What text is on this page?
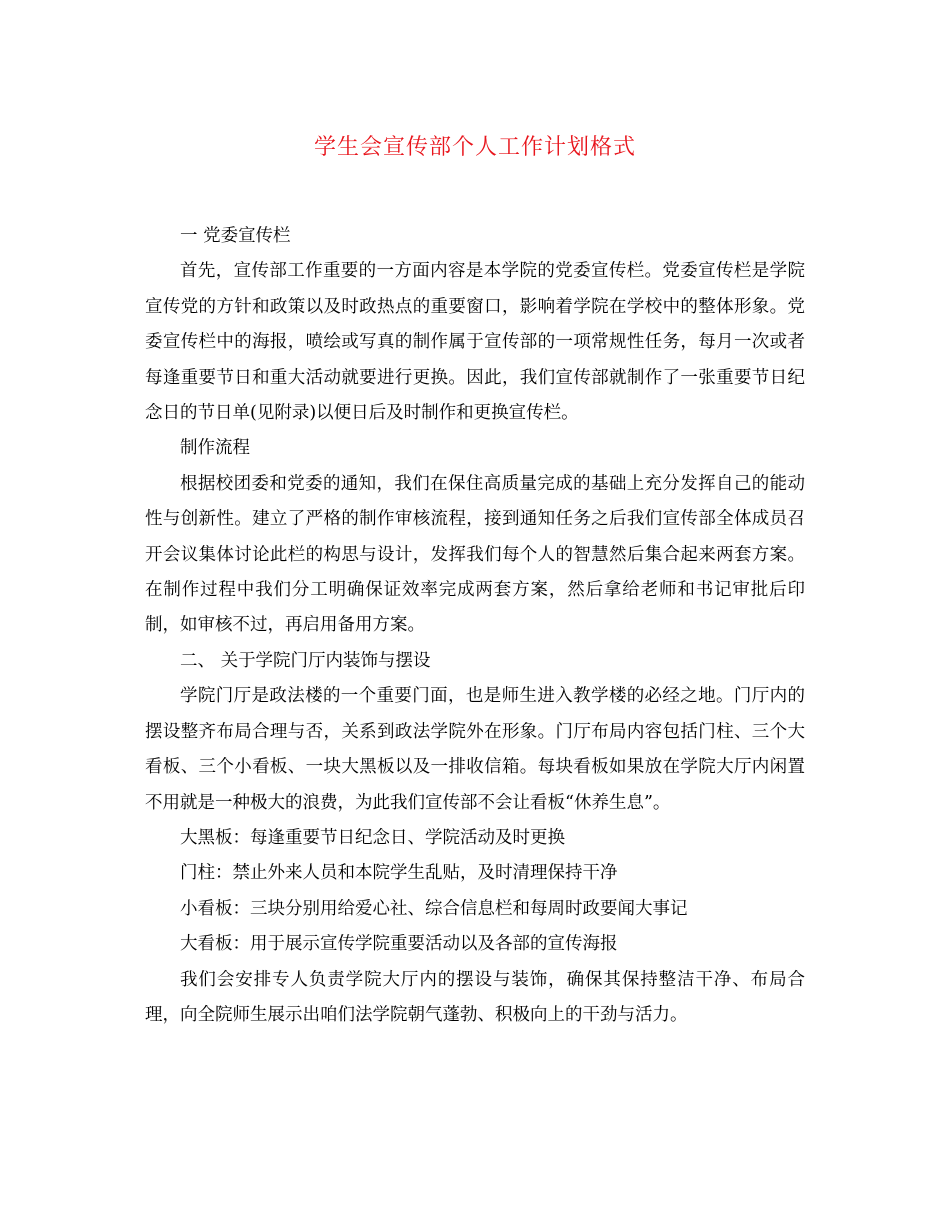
学生会宣传部个人工作计划格式

一 党委宣传栏

首先，宣传部工作重要的一方面内容是本学院的党委宣传栏。党委宣传栏是学院宣传党的方针和政策以及时政热点的重要窗口，影响着学院在学校中的整体形象。党委宣传栏中的海报，喷绘或写真的制作属于宣传部的一项常规性任务，每月一次或者每逢重要节日和重大活动就要进行更换。因此，我们宣传部就制作了一张重要节日纪念日的节日单(见附录)以便日后及时制作和更换宣传栏。

制作流程

根据校团委和党委的通知，我们在保住高质量完成的基础上充分发挥自己的能动性与创新性。建立了严格的制作审核流程，接到通知任务之后我们宣传部全体成员召开会议集体讨论此栏的构思与设计，发挥我们每个人的智慧然后集合起来两套方案。在制作过程中我们分工明确保证效率完成两套方案，然后拿给老师和书记审批后印制，如审核不过，再启用备用方案。

二、 关于学院门厅内装饰与摆设

学院门厅是政法楼的一个重要门面，也是师生进入教学楼的必经之地。门厅内的摆设整齐布局合理与否，关系到政法学院外在形象。门厅布局内容包括门柱、三个大看板、三个小看板、一块大黑板以及一排收信箱。每块看板如果放在学院大厅内闲置不用就是一种极大的浪费，为此我们宣传部不会让看板“休养生息”。

大黑板：每逢重要节日纪念日、学院活动及时更换

门柱：禁止外来人员和本院学生乱贴，及时清理保持干净

小看板：三块分别用给爱心社、综合信息栏和每周时政要闻大事记

大看板：用于展示宣传学院重要活动以及各部的宣传海报

我们会安排专人负责学院大厅内的摆设与装饰，确保其保持整洁干净、布局合理，向全院师生展示出咱们法学院朝气蓬勃、积极向上的干劲与活力。
